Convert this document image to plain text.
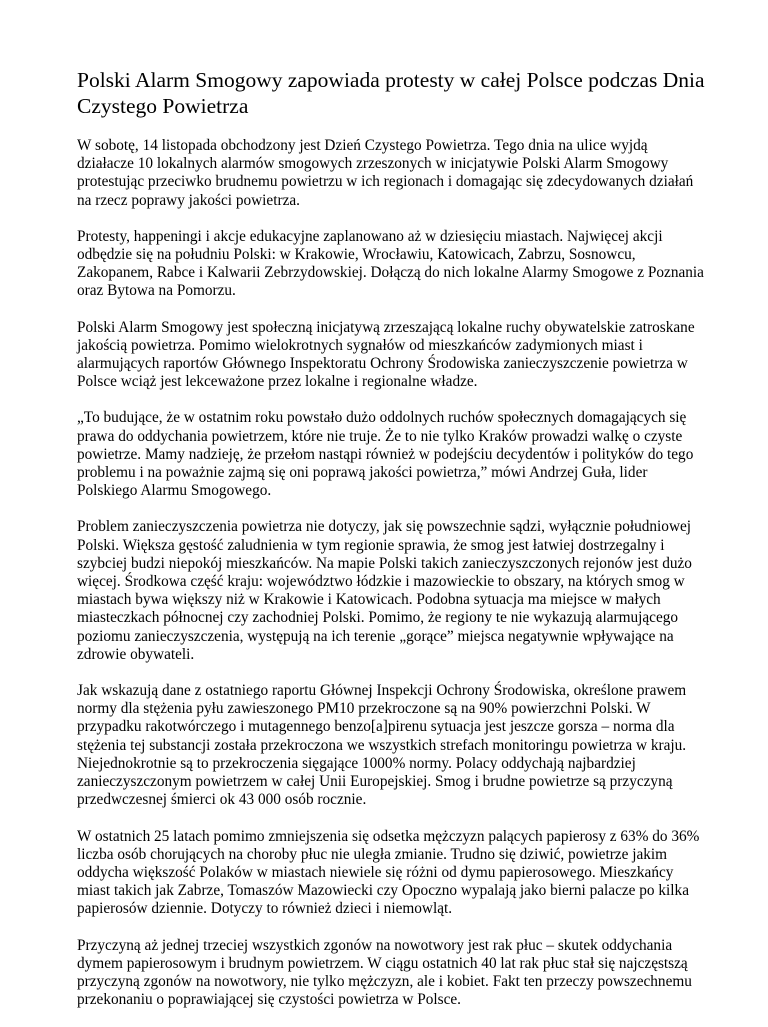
Polski Alarm Smogowy zapowiada protesty w całej Polsce podczas Dnia Czystego Powietrza

W sobotę, 14 listopada obchodzony jest Dzień Czystego Powietrza. Tego dnia na ulice wyjdą działacze 10 lokalnych alarmów smogowych zrzeszonych w inicjatywie Polski Alarm Smogowy protestując przeciwko brudnemu powietrzu w ich regionach i domagając się zdecydowanych działań na rzecz poprawy jakości powietrza.

Protesty, happeningi i akcje edukacyjne zaplanowano aż w dziesięciu miastach. Najwięcej akcji odbędzie się na południu Polski: w Krakowie, Wrocławiu, Katowicach, Zabrzu, Sosnowcu, Zakopanem, Rabce i Kalwarii Zebrzydowskiej. Dołączą do nich lokalne Alarmy Smogowe z Poznania oraz Bytowa na Pomorzu.

Polski Alarm Smogowy jest społeczną inicjatywą zrzeszającą lokalne ruchy obywatelskie zatroskane jakością powietrza. Pomimo wielokrotnych sygnałów od mieszkańców zadymionych miast i alarmujących raportów Głównego Inspektoratu Ochrony Środowiska zanieczyszczenie powietrza w Polsce wciąż jest lekceważone przez lokalne i regionalne władze.

„To budujące, że w ostatnim roku powstało dużo oddolnych ruchów społecznych domagających się prawa do oddychania powietrzem, które nie truje. Że to nie tylko Kraków prowadzi walkę o czyste powietrze. Mamy nadzieję, że przełom nastąpi również w podejściu decydentów i polityków do tego problemu i na poważnie zajmą się oni poprawą jakości powietrza,” mówi Andrzej Guła, lider Polskiego Alarmu Smogowego.

Problem zanieczyszczenia powietrza nie dotyczy, jak się powszechnie sądzi, wyłącznie południowej Polski. Większa gęstość zaludnienia w tym regionie sprawia, że smog jest łatwiej dostrzegalny i szybciej budzi niepokój mieszkańców. Na mapie Polski takich zanieczyszczonych rejonów jest dużo więcej. Środkowa część kraju: województwo łódzkie i mazowieckie to obszary, na których smog w miastach bywa większy niż w Krakowie i Katowicach. Podobna sytuacja ma miejsce w małych miasteczkach północnej czy zachodniej Polski. Pomimo, że regiony te nie wykazują alarmującego poziomu zanieczyszczenia, występują na ich terenie „gorące” miejsca negatywnie wpływające na zdrowie obywateli.

Jak wskazują dane z ostatniego raportu Głównej Inspekcji Ochrony Środowiska, określone prawem normy dla stężenia pyłu zawieszonego PM10 przekroczone są na 90% powierzchni Polski. W przypadku rakotwórczego i mutagennego benzo[a]pirenu sytuacja jest jeszcze gorsza – norma dla stężenia tej substancji została przekroczona we wszystkich strefach monitoringu powietrza w kraju. Niejednokrotnie są to przekroczenia sięgające 1000% normy. Polacy oddychają najbardziej zanieczyszczonym powietrzem w całej Unii Europejskiej. Smog i brudne powietrze są przyczyną przedwczesnej śmierci ok 43 000 osób rocznie.

W ostatnich 25 latach pomimo zmniejszenia się odsetka mężczyzn palących papierosy z 63% do 36% liczba osób chorujących na choroby płuc nie uległa zmianie. Trudno się dziwić, powietrze jakim oddycha większość Polaków w miastach niewiele się różni od dymu papierosowego. Mieszkańcy miast takich jak Zabrze, Tomaszów Mazowiecki czy Opoczno wypalają jako bierni palacze po kilka papierosów dziennie. Dotyczy to również dzieci i niemowląt.

Przyczyną aż jednej trzeciej wszystkich zgonów na nowotwory jest rak płuc – skutek oddychania dymem papierosowym i brudnym powietrzem. W ciągu ostatnich 40 lat rak płuc stał się najczęstszą przyczyną zgonów na nowotwory, nie tylko mężczyzn, ale i kobiet. Fakt ten przeczy powszechnemu przekonaniu o poprawiającej się czystości powietrza w Polsce.
